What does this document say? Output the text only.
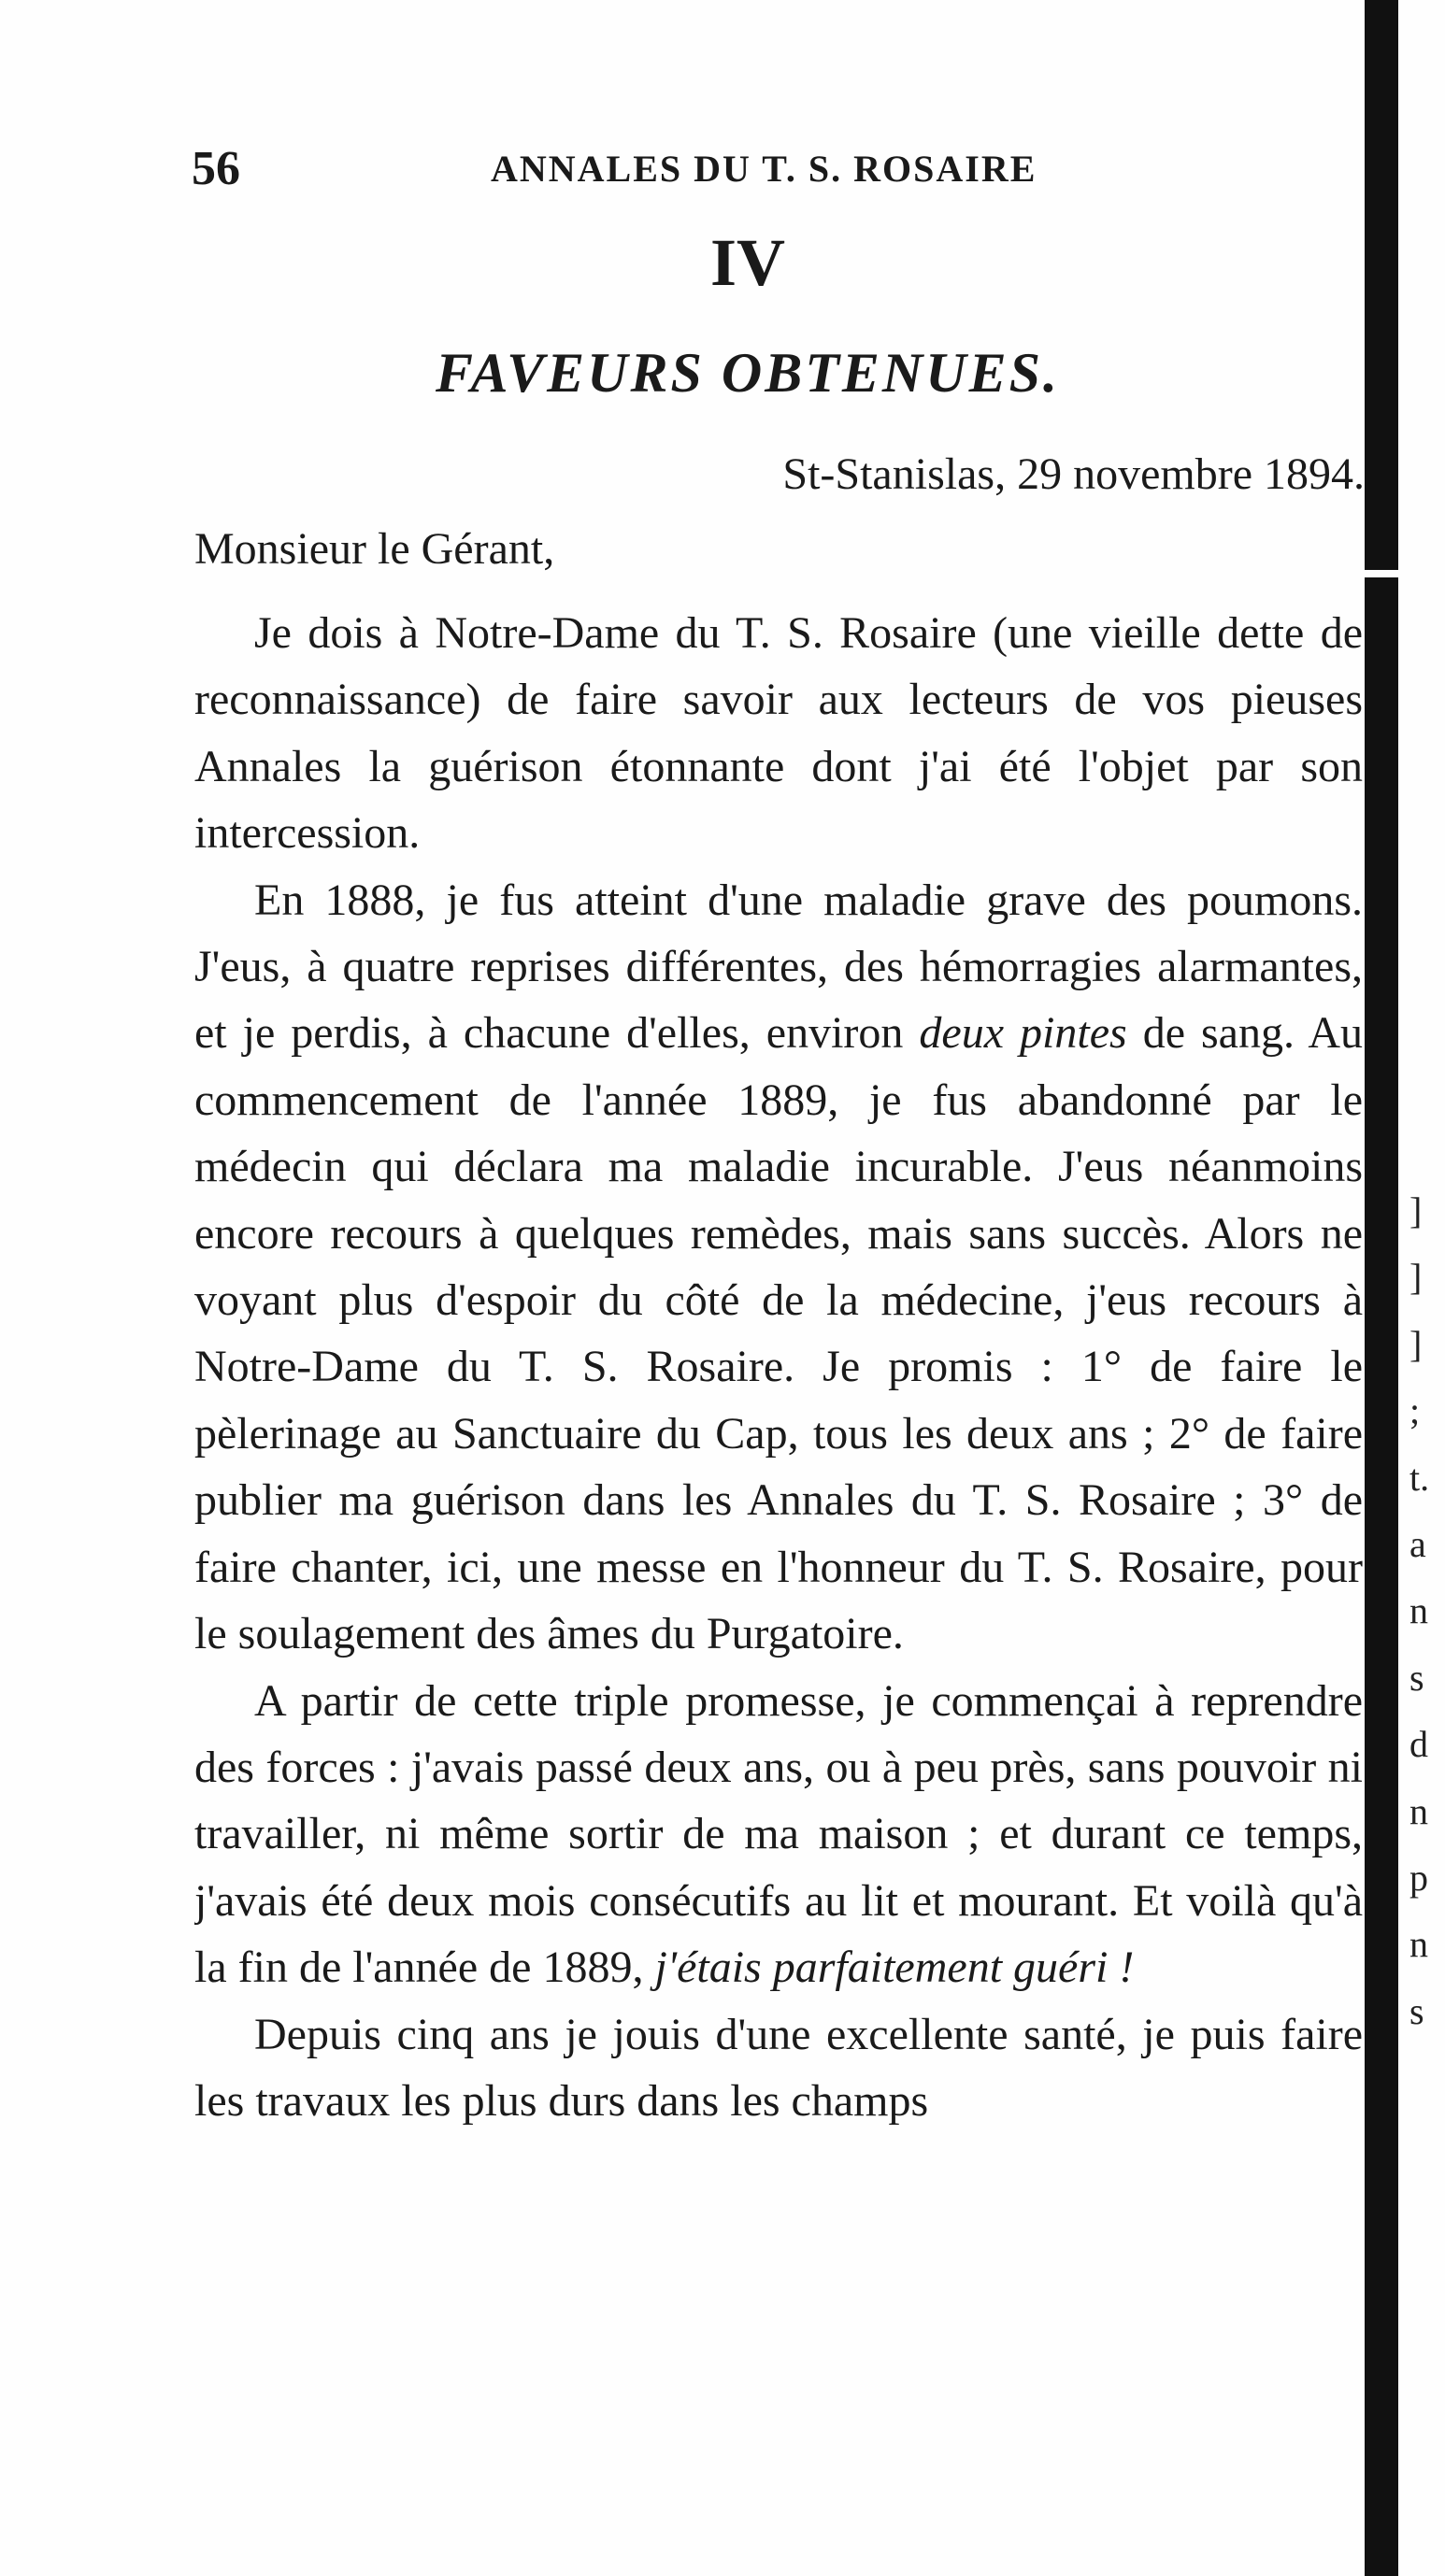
56	ANNALES DU T. S. ROSAIRE
IV
FAVEURS OBTENUES.
St-Stanislas, 29 novembre 1894.
Monsieur le Gérant,

Je dois à Notre-Dame du T. S. Rosaire (une vieille dette de reconnaissance) de faire savoir aux lecteurs de vos pieuses Annales la guérison étonnante dont j'ai été l'objet par son intercession.

En 1888, je fus atteint d'une maladie grave des poumons. J'eus, à quatre reprises différentes, des hémorragies alarmantes, et je perdis, à chacune d'elles, environ deux pintes de sang. Au commencement de l'année 1889, je fus abandonné par le médecin qui déclara ma maladie incurable. J'eus néanmoins encore recours à quelques remèdes, mais sans succès. Alors ne voyant plus d'espoir du côté de la médecine, j'eus recours à Notre-Dame du T. S. Rosaire. Je promis : 1° de faire le pèlerinage au Sanctuaire du Cap, tous les deux ans ; 2° de faire publier ma guérison dans les Annales du T. S. Rosaire ; 3° de faire chanter, ici, une messe en l'honneur du T. S. Rosaire, pour le soulagement des âmes du Purgatoire.

A partir de cette triple promesse, je commençai à reprendre des forces : j'avais passé deux ans, ou à peu près, sans pouvoir ni travailler, ni même sortir de ma maison ; et durant ce temps, j'avais été deux mois consécutifs au lit et mourant. Et voilà qu'à la fin de l'année de 1889, j'étais parfaitement guéri !

Depuis cinq ans je jouis d'une excellente santé, je puis faire les travaux les plus durs dans les champs

]
]
]
;
t.
a
n
s
d
n
p
n
s
